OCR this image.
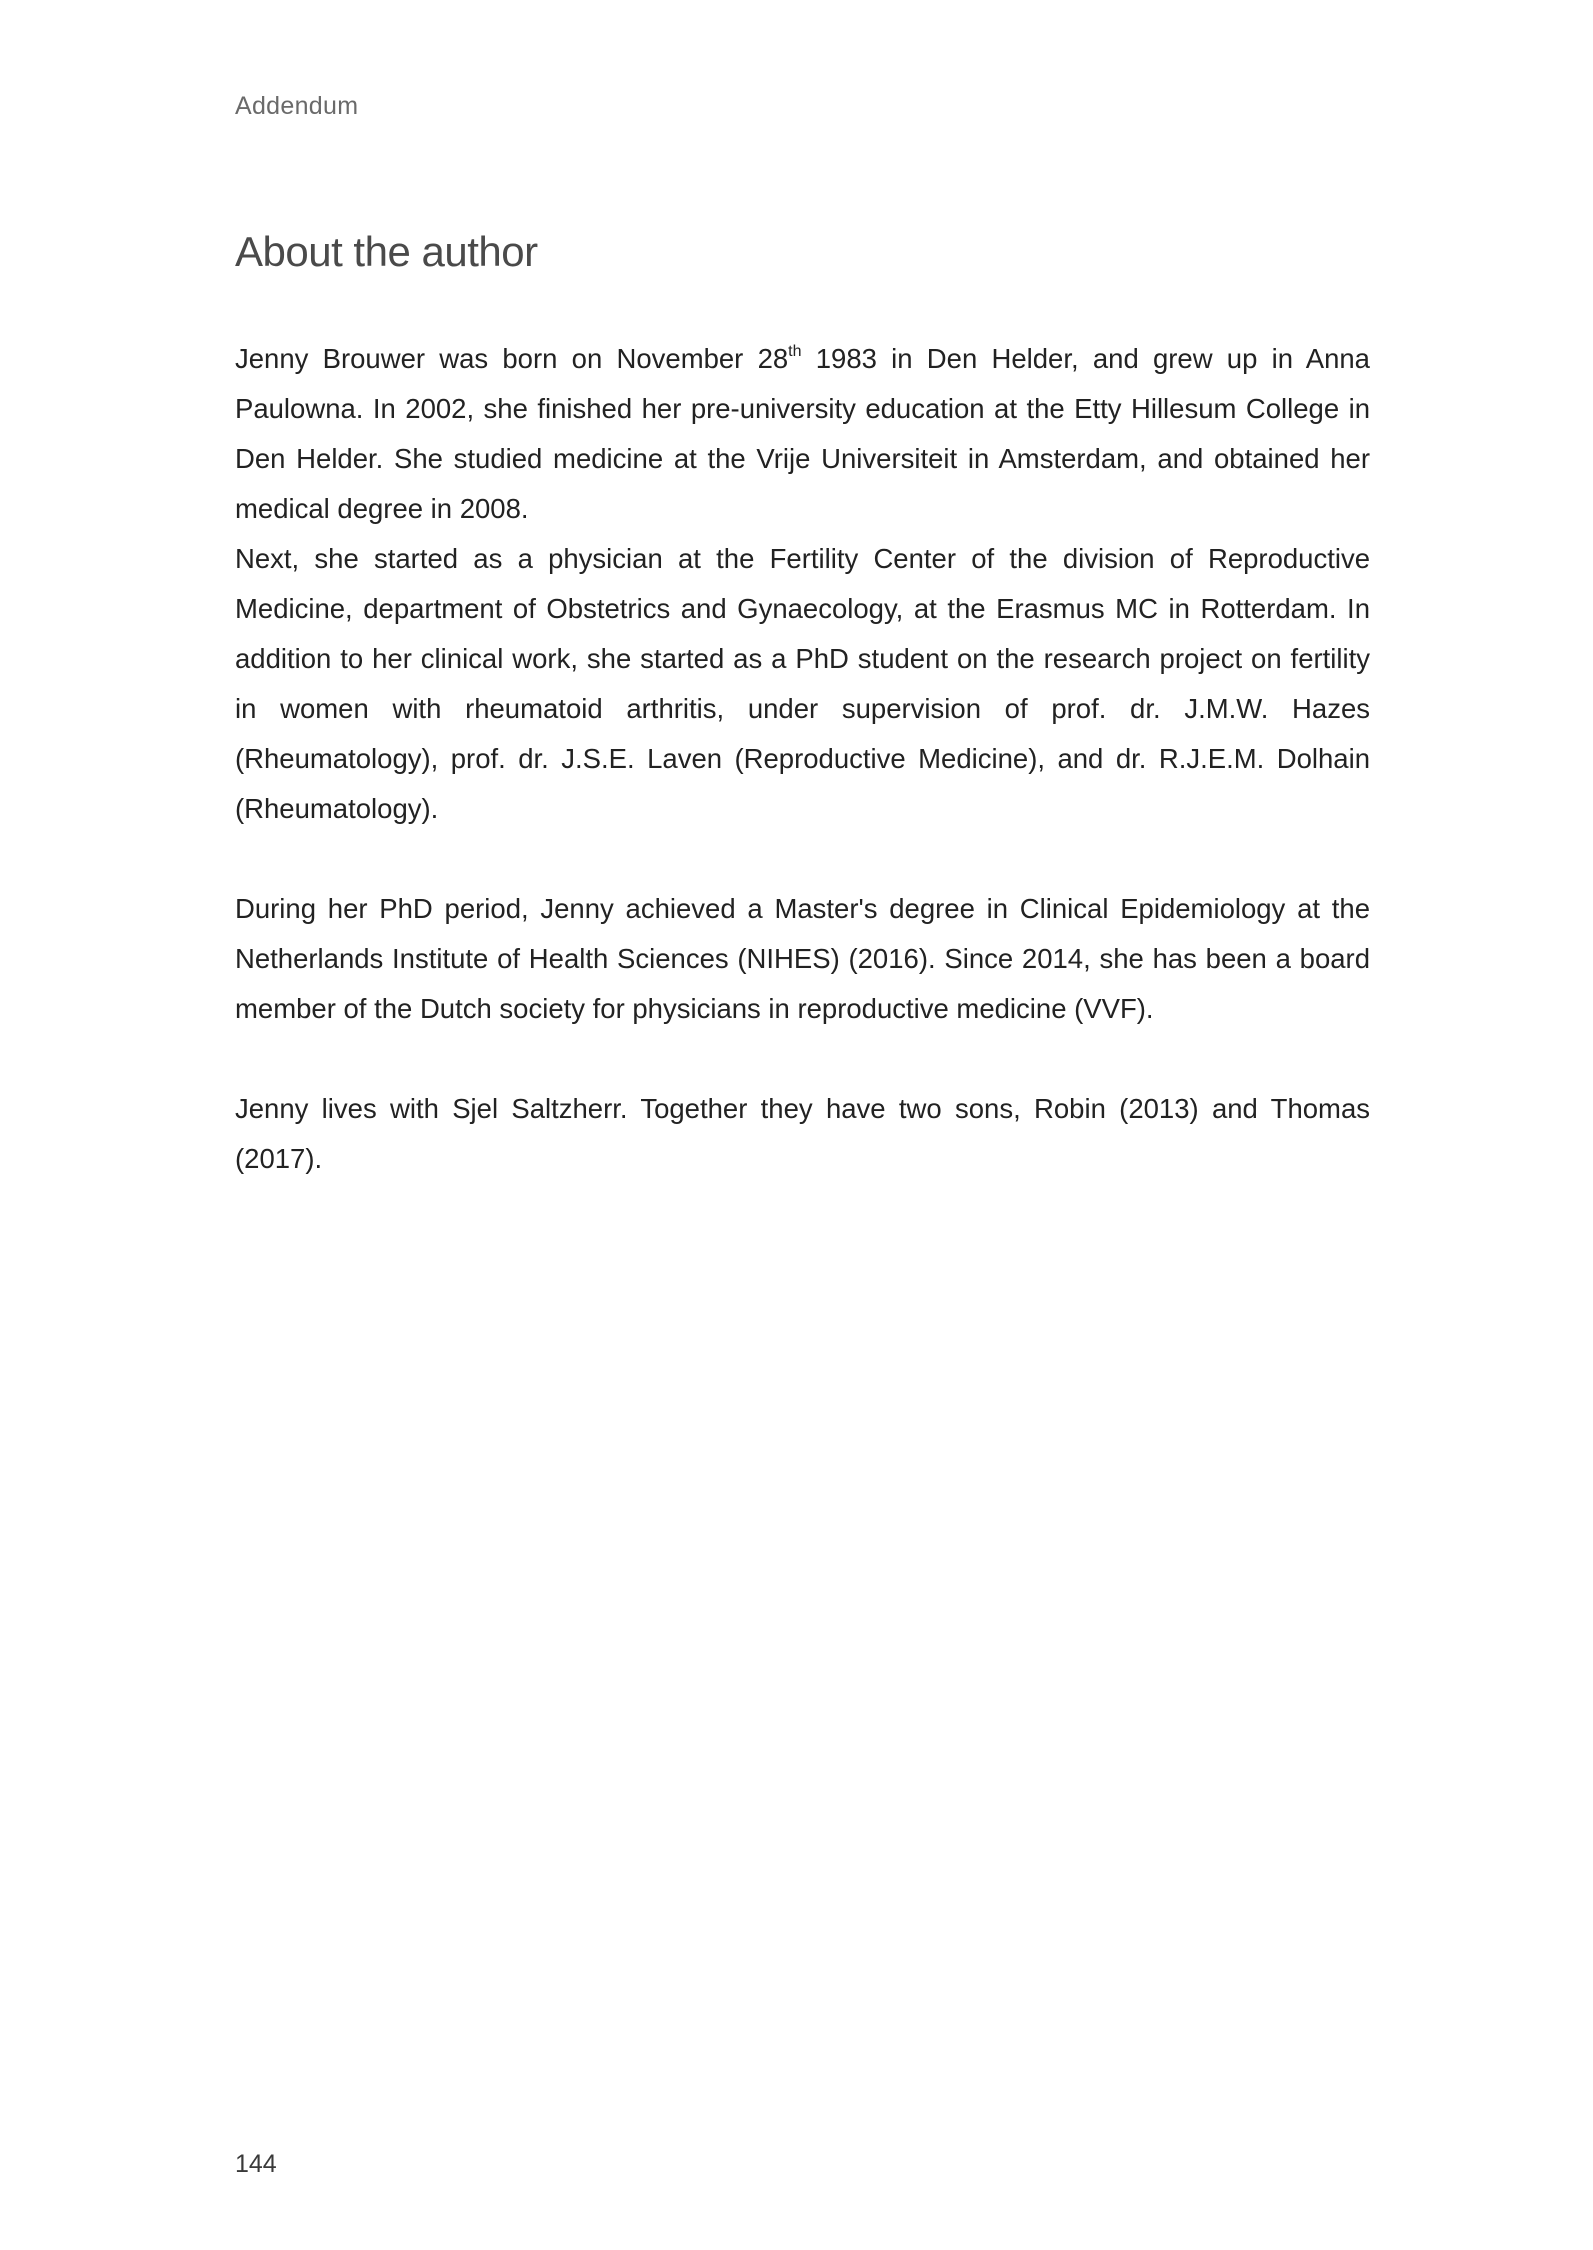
Addendum
About the author

Jenny Brouwer was born on November 28th 1983 in Den Helder, and grew up in Anna Paulowna. In 2002, she finished her pre-university education at the Etty Hillesum College in Den Helder. She studied medicine at the Vrije Universiteit in Amsterdam, and obtained her medical degree in 2008.

Next, she started as a physician at the Fertility Center of the division of Reproductive Medicine, department of Obstetrics and Gynaecology, at the Erasmus MC in Rotterdam. In addition to her clinical work, she started as a PhD student on the research project on fertility in women with rheumatoid arthritis, under supervision of prof. dr. J.M.W. Hazes (Rheumatology), prof. dr. J.S.E. Laven (Reproductive Medicine), and dr. R.J.E.M. Dolhain (Rheumatology).

During her PhD period, Jenny achieved a Master's degree in Clinical Epidemiology at the Netherlands Institute of Health Sciences (NIHES) (2016). Since 2014, she has been a board member of the Dutch society for physicians in reproductive medicine (VVF).

Jenny lives with Sjel Saltzherr. Together they have two sons, Robin (2013) and Thomas (2017).

144
